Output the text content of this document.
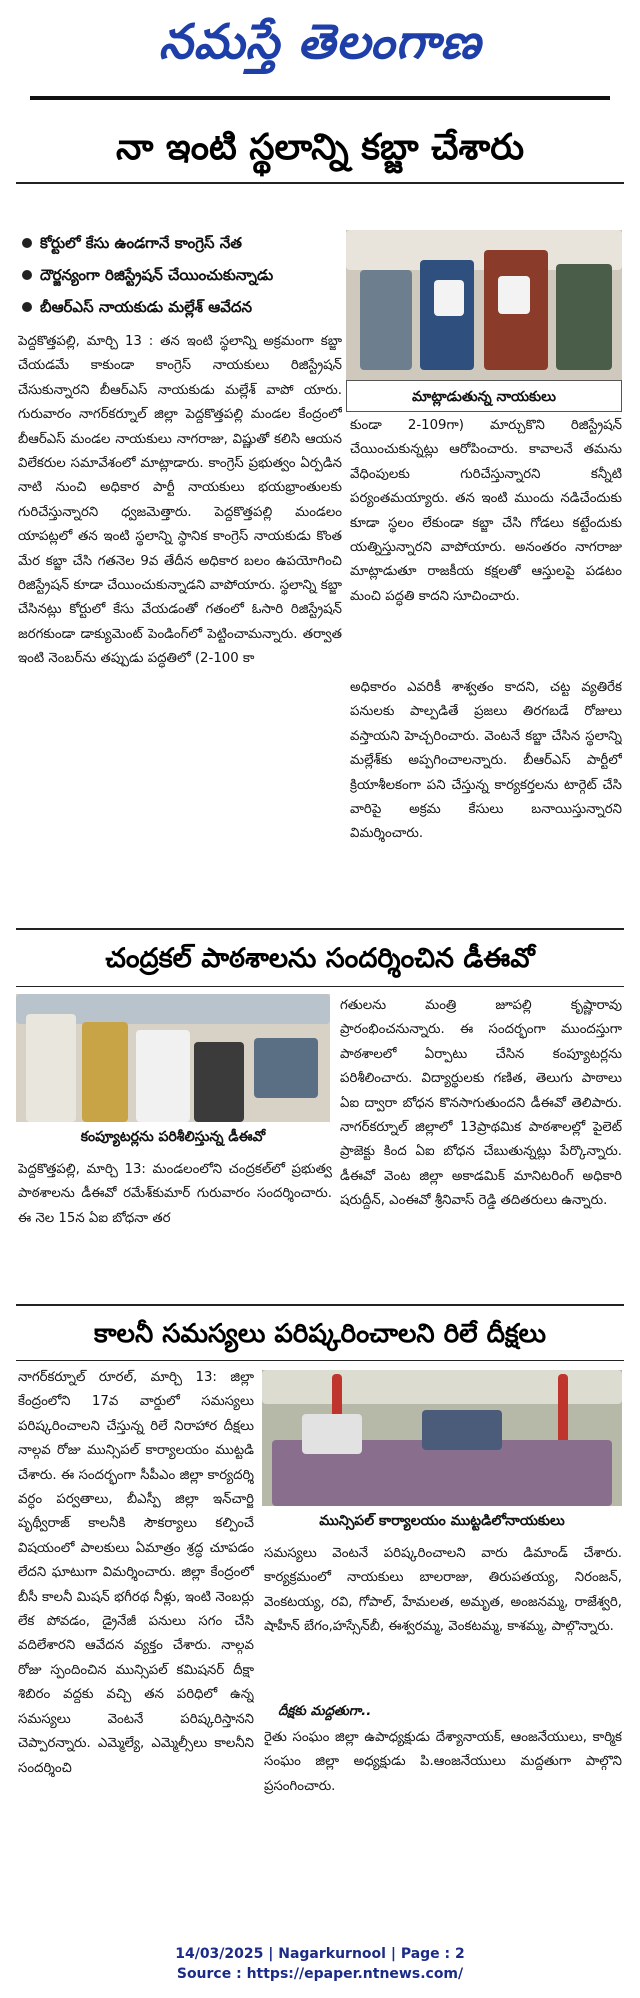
నమస్తే తెలంగాణ
నా ఇంటి స్థలాన్ని కబ్జా చేశారు
కోర్టులో కేసు ఉండగానే కాంగ్రెస్ నేత
దౌర్జన్యంగా రిజిస్ట్రేషన్ చేయించుకున్నాడు
బీఆర్ఎస్ నాయకుడు మల్లేశ్ ఆవేదన
మాట్లాడుతున్న నాయకులు

పెద్దకొత్తపల్లి, మార్చి 13 : తన ఇంటి స్థలాన్ని అక్రమంగా కబ్జా చేయడమే కాకుండా కాంగ్రెస్ నాయకులు రిజిస్ట్రేషన్ చేసుకున్నారని బీఆర్ఎస్ నాయకుడు మల్లేశ్ వాపో యారు. గురువారం నాగర్‌కర్నూల్ జిల్లా పెద్దకొత్తపల్లి మండల కేంద్రంలో బీఆర్ఎస్ మండల నాయకులు నాగరాజు, విష్ణుతో కలిసి ఆయన విలేకరుల సమావేశంలో మాట్లాడారు. కాంగ్రెస్ ప్రభుత్వం ఏర్పడిన నాటి నుంచి అధికార పార్టీ నాయకులు భయభ్రాంతులకు గురిచేస్తున్నారని ధ్వజమెత్తారు. పెద్దకొత్తపల్లి మండలం యాపట్లలో తన ఇంటి స్థలాన్ని స్థానిక కాంగ్రెస్ నాయకుడు కొంత మేర కబ్జా చేసి గతనెల 9వ తేదీన అధికార బలం ఉపయోగించి రిజిస్ట్రేషన్ కూడా చేయించుకున్నాడని వాపోయారు. స్థలాన్ని కబ్జా చేసినట్లు కోర్టులో కేసు వేయడంతో గతంలో ఓసారి రిజిస్ట్రేషన్ జరగకుండా డాక్యుమెంట్ పెండింగ్‌లో పెట్టించామన్నారు. తర్వాత ఇంటి నెంబర్‌ను తప్పుడు పద్ధతిలో (2-100 కా

కుండా 2-109గా) మార్చుకొని రిజిస్ట్రేషన్ చేయించుకున్నట్లు ఆరోపించారు. కావాలనే తమను వేధింపులకు గురిచేస్తున్నారని కన్నీటి పర్యంతమయ్యారు. తన ఇంటి ముందు నడిచేందుకు కూడా స్థలం లేకుండా కబ్జా చేసి గోడలు కట్టేందుకు యత్నిస్తున్నారని వాపోయారు. అనంతరం నాగరాజు మాట్లాడుతూ రాజకీయ కక్షలతో ఆస్తులపై పడటం మంచి పద్ధతి కాదని సూచించారు.

అధికారం ఎవరికీ శాశ్వతం కాదని, చట్ట వ్యతిరేక పనులకు పాల్పడితే ప్రజలు తిరగబడే రోజులు వస్తాయని హెచ్చరించారు. వెంటనే కబ్జా చేసిన స్థలాన్ని మల్లేశ్‌కు అప్పగించాలన్నారు. బీఆర్ఎస్ పార్టీలో క్రియాశీలకంగా పని చేస్తున్న కార్యకర్తలను టార్గెట్ చేసి వారిపై అక్రమ కేసులు బనాయిస్తున్నారని విమర్శించారు.

చంద్రకల్ పాఠశాలను సందర్శించిన డీఈవో
కంప్యూటర్లను పరిశీలిస్తున్న డీఈవో

పెద్దకొత్తపల్లి, మార్చి 13: మండలంలోని చంద్రకల్‌లో ప్రభుత్వ పాఠశాలను డీఈవో రమేశ్‌కుమార్ గురువారం సందర్శించారు. ఈ నెల 15న ఏఐ బోధనా తర

గతులను మంత్రి జూపల్లి కృష్ణారావు ప్రారంభించనున్నారు. ఈ సందర్భంగా ముందస్తుగా పాఠశాలలో ఏర్పాటు చేసిన కంప్యూటర్లను పరిశీలించారు. విద్యార్థులకు గణిత, తెలుగు పాఠాలు ఏఐ ద్వారా బోధన కొనసాగుతుందని డీఈవో తెలిపారు. నాగర్‌కర్నూల్ జిల్లాలో 13ప్రాథమిక పాఠశాలల్లో పైలెట్ ప్రాజెక్టు కింద ఏఐ బోధన చేబుతున్నట్లు పేర్కొన్నారు. డీఈవో వెంట జిల్లా అకాడమిక్ మానిటరింగ్ అధికారి షరుద్దీన్, ఎంఈవో శ్రీనివాస్ రెడ్డి తదితరులు ఉన్నారు.

కాలనీ సమస్యలు పరిష్కరించాలని రిలే దీక్షలు

నాగర్‌కర్నూల్ రూరల్, మార్చి 13: జిల్లా కేంద్రంలోని 17వ వార్డులో సమస్యలు పరిష్కరించాలని చేస్తున్న రిలే నిరాహార దీక్షలు నాల్గవ రోజు మున్సిపల్ కార్యాలయం ముట్టడి చేశారు. ఈ సందర్భంగా సీపీఎం జిల్లా కార్యదర్శి వర్ధం పర్వతాలు, బీఎస్పీ జిల్లా ఇన్‌చార్జి పృథ్వీరాజ్ కాలనీకి సౌకర్యాలు కల్పించే విషయంలో పాలకులు ఏమాత్రం శ్రద్ధ చూపడం లేదని ఘాటుగా విమర్శించారు. జిల్లా కేంద్రంలో బీసీ కాలనీ మిషన్ భగీరథ నీళ్లు, ఇంటి నెంబర్లు లేక పోవడం, డ్రైనేజీ పనులు సగం చేసి వదిలేశారని ఆవేదన వ్యక్తం చేశారు. నాల్గవ రోజు స్పందించిన మున్సిపల్ కమిషనర్ దీక్షా శిబిరం వద్దకు వచ్చి తన పరిధిలో ఉన్న సమస్యలు వెంటనే పరిష్కరిస్తానని చెప్పారన్నారు. ఎమ్మెల్యే, ఎమ్మెల్సీలు కాలనీని సందర్శించి

మున్సిపల్ కార్యాలయం ముట్టడిలోనాయకులు

సమస్యలు వెంటనే పరిష్కరించాలని వారు డిమాండ్ చేశారు. కార్యక్రమంలో నాయకులు బాలరాజు, తిరుపతయ్య, నిరంజన్, వెంకటయ్య, రవి, గోపాల్, హేమలత, అమృత, అంజనమ్మ, రాజేశ్వరి, షాహీన్ బేగం,హస్సేన్‌బీ, ఈశ్వరమ్మ, వెంకటమ్మ, కాశమ్మ, పాల్గొన్నారు.

దీక్షకు మద్దతుగా..

రైతు సంఘం జిల్లా ఉపాధ్యక్షుడు దేశ్యానాయక్, ఆంజనేయులు, కార్మిక సంఘం జిల్లా అధ్యక్షుడు పి.ఆంజనేయులు మద్దతుగా పాల్గొని ప్రసంగించారు.

14/03/2025 | Nagarkurnool | Page : 2
Source : https://epaper.ntnews.com/
